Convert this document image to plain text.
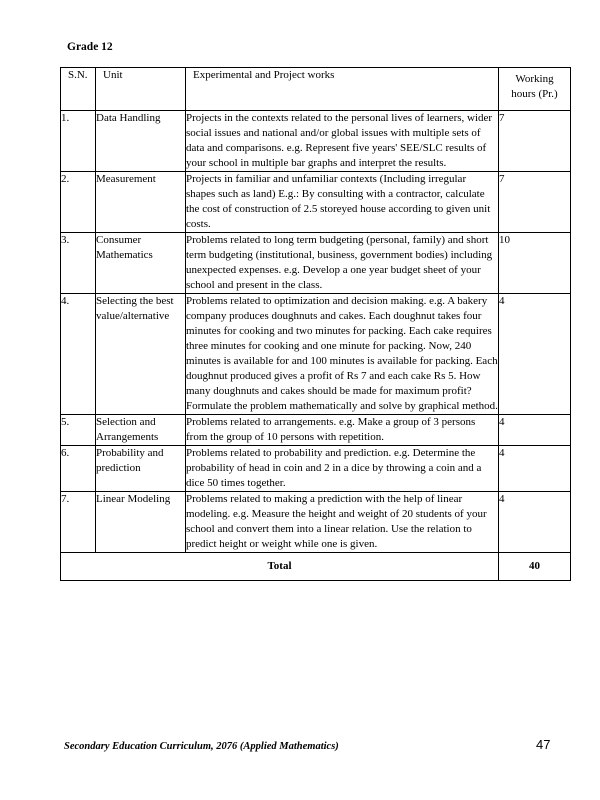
Grade 12
S.N.	Unit	Experimental and Project works	Working
hours (Pr.)

1.	Data Handling	Projects in the contexts related to the personal lives of learners, wider social issues and national and/or global issues with multiple sets of data and comparisons. e.g. Represent five years' SEE/SLC results of your school in multiple bar graphs and interpret the results.	7
2.	Measurement	Projects in familiar and unfamiliar contexts (Including irregular shapes such as land) E.g.: By consulting with a contractor, calculate the cost of construction of 2.5 storeyed house according to given unit costs.	7
3.	Consumer Mathematics	Problems related to long term budgeting (personal, family) and short term budgeting (institutional, business, government bodies) including unexpected expenses. e.g. Develop a one year budget sheet of your school and present in the class.	10
4.	Selecting the best value/alternative	Problems related to optimization and decision making. e.g. A bakery company produces doughnuts and cakes. Each doughnut takes four minutes for cooking and two minutes for packing. Each cake requires three minutes for cooking and one minute for packing. Now, 240 minutes is available for and 100 minutes is available for packing. Each doughnut produced gives a profit of Rs 7 and each cake Rs 5. How many doughnuts and cakes should be made for maximum profit? Formulate the problem mathematically and solve by graphical method.	4
5.	Selection and Arrangements	Problems related to arrangements. e.g. Make a group of 3 persons from the group of 10 persons with repetition.	4
6.	Probability and prediction	Problems related to probability and prediction. e.g. Determine the probability of head in coin and 2 in a dice by throwing a coin and a dice 50 times together.	4
7.	Linear Modeling	Problems related to making a prediction with the help of linear modeling. e.g. Measure the height and weight of 20 students of your school and convert them into a linear relation. Use the relation to predict height or weight while one is given.	4
Total			40
Secondary Education Curriculum, 2076 (Applied Mathematics)	47
